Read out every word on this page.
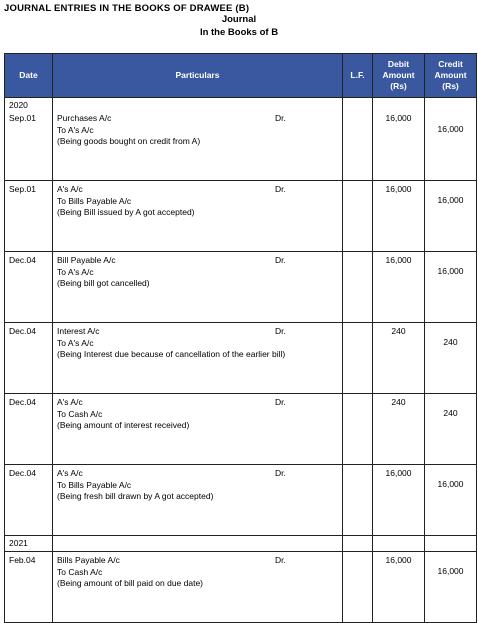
JOURNAL ENTRIES IN THE BOOKS OF DRAWEE (B)
Journal
In the Books of B
Date	Particulars	L.F.	Debit
Amount
(Rs)	Credit
Amount
(Rs)

2020				
Sep.01	Purchases A/c
To A's A/c
(Being goods bought on credit from A)
Dr.		16,000	16,000
Sep.01	A's A/c
To Bills Payable A/c
(Being Bill issued by A got accepted)
Dr.		16,000	16,000
Dec.04	Bill Payable A/c
To A's A/c
(Being bill got cancelled)
Dr.		16,000	16,000
Dec.04	Interest A/c
To A's A/c
(Being Interest due because of cancellation of the earlier bill)
Dr.		240	240
Dec.04	A's A/c
To Cash A/c
(Being amount of interest received)
Dr.		240	240
Dec.04	A's A/c
To Bills Payable A/c
(Being fresh bill drawn by A got accepted)
Dr.		16,000	16,000
2021				
Feb.04	Bills Payable A/c
To Cash A/c
(Being amount of bill paid on due date)
Dr.		16,000	16,000
